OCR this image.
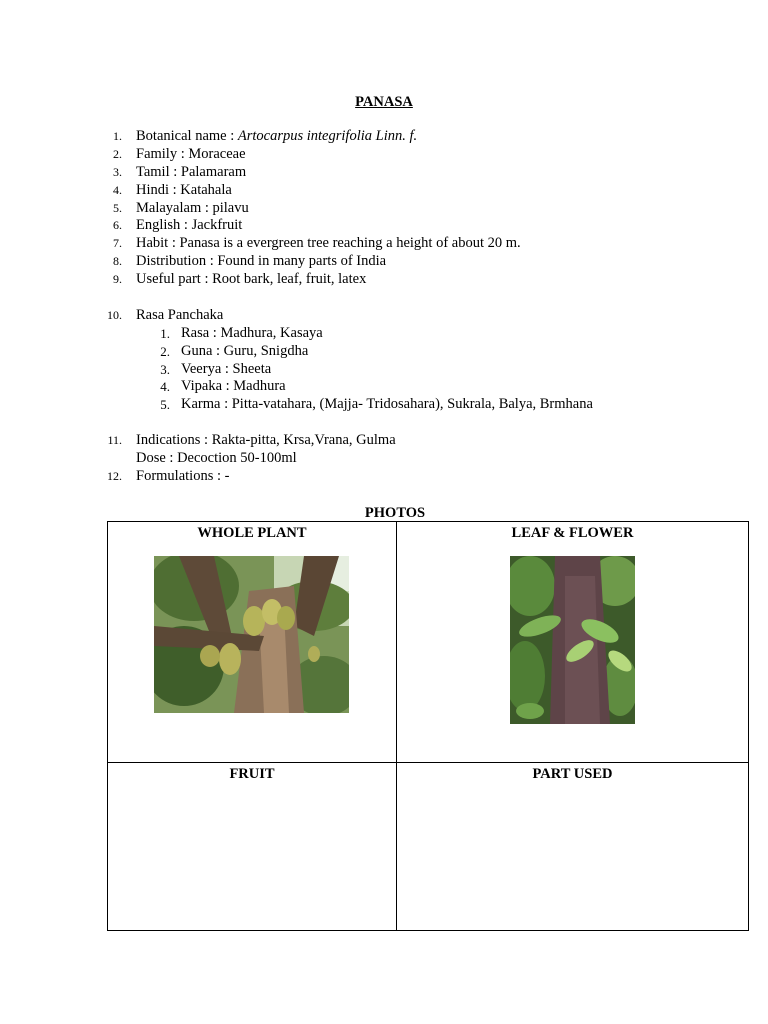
PANASA
1. Botanical name : Artocarpus integrifolia Linn. f.
2. Family : Moraceae
3. Tamil : Palamaram
4. Hindi : Katahala
5. Malayalam : pilavu
6. English : Jackfruit
7. Habit : Panasa is a evergreen tree reaching a height of about 20 m.
8. Distribution : Found in many parts of India
9. Useful part : Root bark, leaf, fruit, latex
10. Rasa Panchaka
1. Rasa : Madhura, Kasaya
2. Guna : Guru, Snigdha
3. Veerya : Sheeta
4. Vipaka : Madhura
5. Karma : Pitta-vatahara, (Majja- Tridosahara), Sukrala, Balya, Brmhana
11. Indications : Rakta-pitta, Krsa,Vrana, Gulma
Dose : Decoction 50-100ml
12. Formulations : -
PHOTOS
WHOLE PLANT	LEAF & FLOWER
FRUIT	PART USED
